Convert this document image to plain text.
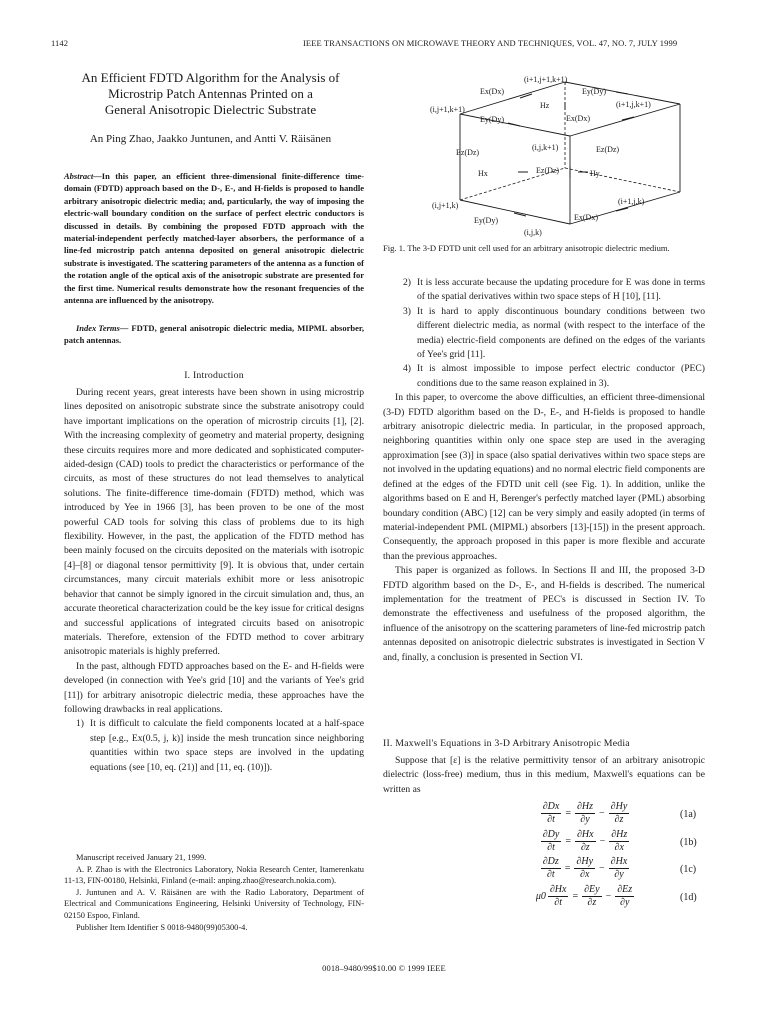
1142	IEEE TRANSACTIONS ON MICROWAVE THEORY AND TECHNIQUES, VOL. 47, NO. 7, JULY 1999
An Efficient FDTD Algorithm for the Analysis of
Microstrip Patch Antennas Printed on a
General Anisotropic Dielectric Substrate
An Ping Zhao, Jaakko Juntunen, and Antti V. Räisänen
Abstract—In this paper, an efficient three-dimensional finite-difference time-domain (FDTD) approach based on the D-, E-, and H-fields is proposed to handle arbitrary anisotropic dielectric media; and, particularly, the way of imposing the electric-wall boundary condition on the surface of perfect electric conductors is discussed in details. By combining the proposed FDTD approach with the material-independent perfectly matched-layer absorbers, the performance of a line-fed microstrip patch antenna deposited on general anisotropic dielectric substrate is investigated. The scattering parameters of the antenna as a function of the rotation angle of the optical axis of the anisotropic substrate are presented for the first time. Numerical results demonstrate how the resonant frequencies of the antenna are influenced by the anisotropy.
Index Terms— FDTD, general anisotropic dielectric media, MIPML absorber, patch antennas.
I. Introduction

During recent years, great interests have been shown in using microstrip lines deposited on anisotropic substrate since the substrate anisotropy could have important implications on the operation of microstrip circuits [1], [2]. With the increasing complexity of geometry and material property, designing these circuits requires more and more dedicated and sophisticated computer-aided-design (CAD) tools to predict the characteristics or performance of the circuits, as most of these structures do not lead themselves to analytical solutions. The finite-difference time-domain (FDTD) method, which was introduced by Yee in 1966 [3], has been proven to be one of the most powerful CAD tools for solving this class of problems due to its high flexibility. However, in the past, the application of the FDTD method has been mainly focused on the circuits deposited on the materials with isotropic [4]–[8] or diagonal tensor permittivity [9]. It is obvious that, under certain circumstances, many circuit materials exhibit more or less anisotropic behavior that cannot be simply ignored in the circuit simulation and, thus, an accurate theoretical characterization could be the key issue for critical designs and successful applications of integrated circuits based on anisotropic materials. Therefore, extension of the FDTD method to cover arbitrary anisotropic materials is highly preferred.

In the past, although FDTD approaches based on the E- and H-fields were developed (in connection with Yee's grid [10] and the variants of Yee's grid [11]) for arbitrary anisotropic dielectric media, these approaches have the following drawbacks in real applications.

1) It is difficult to calculate the field components located at a half-space step [e.g., Ex(0.5, j, k)] inside the mesh truncation since neighboring quantities within two space steps are involved in the updating equations (see [10, eq. (21)] and [11, eq. (10)]).

Manuscript received January 21, 1999.

A. P. Zhao is with the Electronics Laboratory, Nokia Research Center, Itamerenkatu 11-13, FIN-00180, Helsinki, Finland (e-mail: anping.zhao@research.nokia.com).

J. Juntunen and A. V. Räisänen are with the Radio Laboratory, Department of Electrical and Communications Engineering, Helsinki University of Technology, FIN-02150 Espoo, Finland.

Publisher Item Identifier S 0018-9480(99)05300-4.

(i+1,j+1,k+1)
(i,j+1,k+1)
(i+1,j,k+1)
(i,j,k+1)
(i,j+1,k)	(i+1,j,k)
(i,j,k)
Ex(Dx)	Ey(Dy)
Hz
Ey(Dy)	Ex(Dx)
Ez(Dz)	Ez(Dz)
Ez(Dz)
Hx	Hy
Ey(Dy)	Ex(Dx)
Fig. 1. The 3-D FDTD unit cell used for an arbitrary anisotropic dielectric medium.
2) It is less accurate because the updating procedure for E was done in terms of the spatial derivatives within two space steps of H [10], [11].
3) It is hard to apply discontinuous boundary conditions between two different dielectric media, as normal (with respect to the interface of the media) electric-field components are defined on the edges of the variants of Yee's grid [11].
4) It is almost impossible to impose perfect electric conductor (PEC) conditions due to the same reason explained in 3).

In this paper, to overcome the above difficulties, an efficient three-dimensional (3-D) FDTD algorithm based on the D-, E-, and H-fields is proposed to handle arbitrary anisotropic dielectric media. In particular, in the proposed approach, neighboring quantities within only one space step are used in the averaging approximation [see (3)] in space (also spatial derivatives within two space steps are not involved in the updating equations) and no normal electric field components are defined at the edges of the FDTD unit cell (see Fig. 1). In addition, unlike the algorithms based on E and H, Berenger's perfectly matched layer (PML) absorbing boundary condition (ABC) [12] can be very simply and easily adopted (in terms of material-independent PML (MIPML) absorbers [13]-[15]) in the present approach. Consequently, the approach proposed in this paper is more flexible and accurate than the previous approaches.

This paper is organized as follows. In Sections II and III, the proposed 3-D FDTD algorithm based on the D-, E-, and H-fields is described. The numerical implementation for the treatment of PEC's is discussed in Section IV. To demonstrate the effectiveness and usefulness of the proposed algorithm, the influence of the anisotropy on the scattering parameters of line-fed microstrip patch antennas deposited on anisotropic dielectric substrates is investigated in Section V and, finally, a conclusion is presented in Section VI.

II. Maxwell's Equations in 3-D Arbitrary Anisotropic Media

Suppose that [ε] is the relative permittivity tensor of an arbitrary anisotropic dielectric (loss-free) medium, thus in this medium, Maxwell's equations can be written as

$\frac{\partial Dx}{\partial t} = \frac{\partial Hz}{\partial y} - \frac{\partial Hy}{\partial z}$	(1a)
$\frac{\partial Dy}{\partial t} = \frac{\partial Hx}{\partial z} - \frac{\partial Hz}{\partial x}$	(1b)
$\frac{\partial Dz}{\partial t} = \frac{\partial Hy}{\partial x} - \frac{\partial Hx}{\partial y}$	(1c)
$\mu 0 \frac{\partial Hx}{\partial t} = \frac{\partial Ey}{\partial z} - \frac{\partial Ez}{\partial y}$	(1d)
0018–9480/99$10.00 © 1999 IEEE
